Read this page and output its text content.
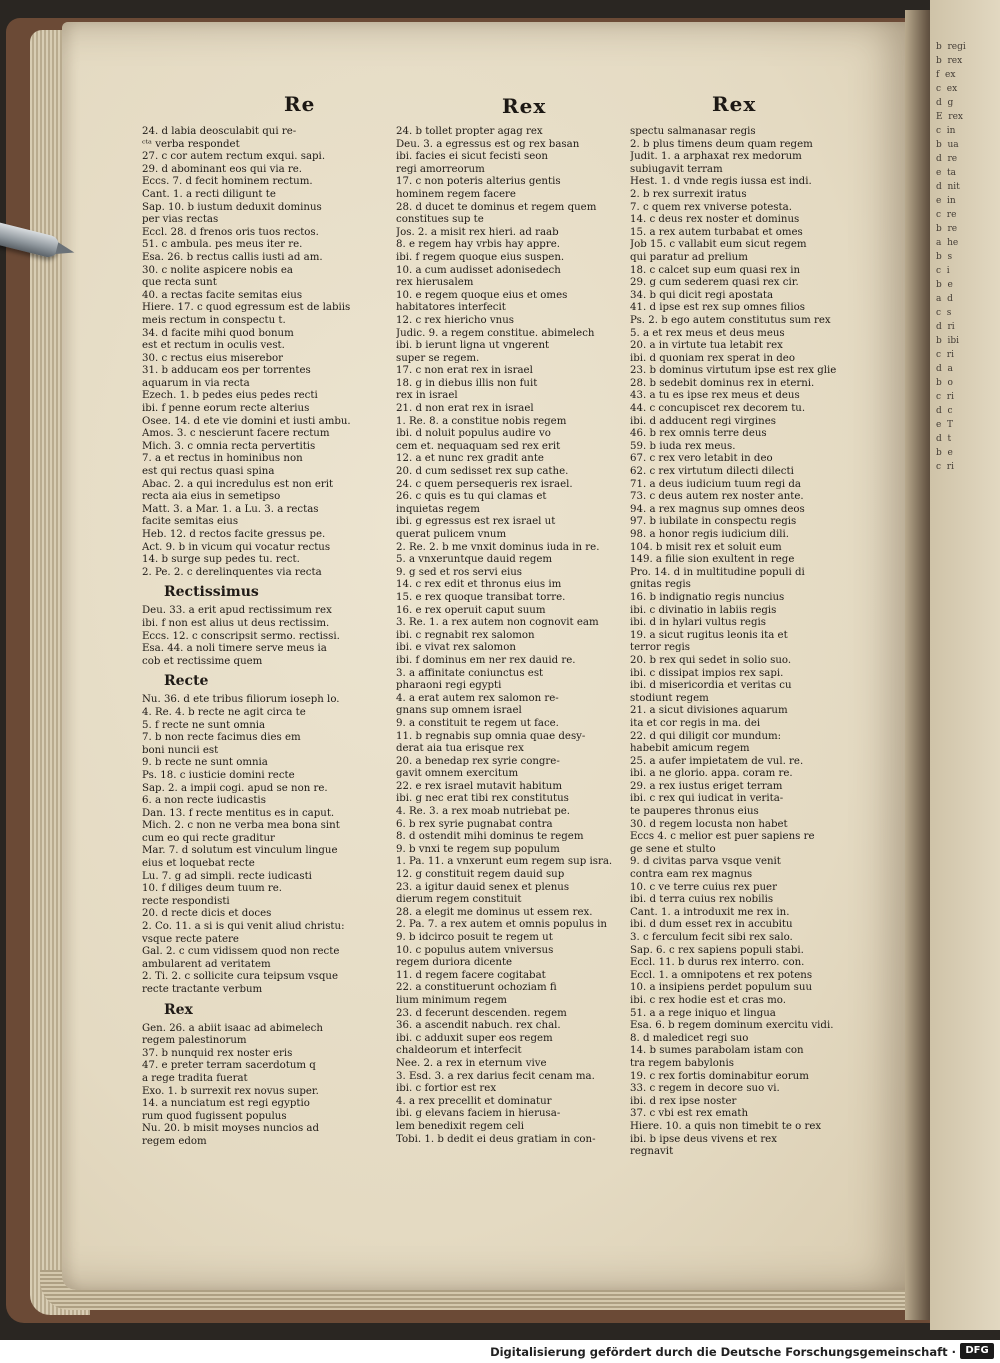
Re	Rex	Rex
24. d labia deosculabit qui re-
ᶜᵗᵃ verba respondet
27. c cor autem rectum exqui. sapi.
29. d abominant eos qui via re.
Eccs. 7. d fecit hominem rectum.
Cant. 1. a recti diligunt te
Sap. 10. b iustum deduxit dominus
per vias rectas
Eccl. 28. d frenos oris tuos rectos.
51. c ambula. pes meus iter re.
Esa. 26. b rectus callis iusti ad am.
30. c nolite aspicere nobis ea
que recta sunt
40. a rectas facite semitas eius
Hiere. 17. c quod egressum est de labiis
meis rectum in conspectu t.
34. d facite mihi quod bonum
est et rectum in oculis vest.
30. c rectus eius miserebor
31. b adducam eos per torrentes
aquarum in via recta
Ezech. 1. b pedes eius pedes recti
ibi. f penne eorum recte alterius
Osee. 14. d ete vie domini et iusti ambu.
Amos. 3. c nescierunt facere rectum
Mich. 3. c omnia recta pervertitis
7. a et rectus in hominibus non
est qui rectus quasi spina
Abac. 2. a qui incredulus est non erit
recta aia eius in semetipso
Matt. 3. a Mar. 1. a Lu. 3. a rectas
facite semitas eius
Heb. 12. d rectos facite gressus pe.
Act. 9. b in vicum qui vocatur rectus
14. b surge sup pedes tu. rect.
2. Pe. 2. c derelinquentes via recta
Rectissimus
Deu. 33. a erit apud rectissimum rex
ibi. f non est alius ut deus rectissim.
Eccs. 12. c conscripsit sermo. rectissi.
Esa. 44. a noli timere serve meus ia
cob et rectissime quem
Recte
Nu. 36. d ete tribus filiorum ioseph lo.
4. Re. 4. b recte ne agit circa te
5. f recte ne sunt omnia
7. b non recte facimus dies em
boni nuncii est
9. b recte ne sunt omnia
Ps. 18. c iusticie domini recte
Sap. 2. a impii cogi. apud se non re.
6. a non recte iudicastis
Dan. 13. f recte mentitus es in caput.
Mich. 2. c non ne verba mea bona sint
cum eo qui recte graditur
Mar. 7. d solutum est vinculum lingue
eius et loquebat recte
Lu. 7. g ad simpli. recte iudicasti
10. f diliges deum tuum re.
recte respondisti
20. d recte dicis et doces
2. Co. 11. a si is qui venit aliud christu:
vsque recte patere
Gal. 2. c cum vidissem quod non recte
ambularent ad veritatem
2. Ti. 2. c sollicite cura teipsum vsque
recte tractante verbum
Rex
Gen. 26. a abiit isaac ad abimelech
regem palestinorum
37. b nunquid rex noster eris
47. e preter terram sacerdotum q
a rege tradita fuerat
Exo. 1. b surrexit rex novus super.
14. a nunciatum est regi egyptio
rum quod fugissent populus
Nu. 20. b misit moyses nuncios ad
regem edom
24. b tollet propter agag rex
Deu. 3. a egressus est og rex basan
ibi. facies ei sicut fecisti seon
regi amorreorum
17. c non poteris alterius gentis
hominem regem facere
28. d ducet te dominus et regem quem
constitues sup te
Jos. 2. a misit rex hieri. ad raab
8. e regem hay vrbis hay appre.
ibi. f regem quoque eius suspen.
10. a cum audisset adonisedech
rex hierusalem
10. e regem quoque eius et omes
habitatores interfecit
12. c rex hiericho vnus
Judic. 9. a regem constitue. abimelech
ibi. b ierunt ligna ut vngerent
super se regem.
17. c non erat rex in israel
18. g in diebus illis non fuit
rex in israel
21. d non erat rex in israel
1. Re. 8. a constitue nobis regem
ibi. d noluit populus audire vo
cem et. nequaquam sed rex erit
12. a et nunc rex gradit ante
20. d cum sedisset rex sup cathe.
24. c quem persequeris rex israel.
26. c quis es tu qui clamas et
inquietas regem
ibi. g egressus est rex israel ut
querat pulicem vnum
2. Re. 2. b me vnxit dominus iuda in re.
5. a vnxeruntque dauid regem
9. g sed et ros servi eius
14. c rex edit et thronus eius im
15. e rex quoque transibat torre.
16. e rex operuit caput suum
3. Re. 1. a rex autem non cognovit eam
ibi. c regnabit rex salomon
ibi. e vivat rex salomon
ibi. f dominus em ner rex dauid re.
3. a affinitate coniunctus est
pharaoni regi egypti
4. a erat autem rex salomon re-
gnans sup omnem israel
9. a constituit te regem ut face.
11. b regnabis sup omnia quae desy-
derat aia tua erisque rex
20. a benedap rex syrie congre-
gavit omnem exercitum
22. e rex israel mutavit habitum
ibi. g nec erat tibi rex constitutus
4. Re. 3. a rex moab nutriebat pe.
6. b rex syrie pugnabat contra
8. d ostendit mihi dominus te regem
9. b vnxi te regem sup populum
1. Pa. 11. a vnxerunt eum regem sup isra.
12. g constituit regem dauid sup
23. a igitur dauid senex et plenus
dierum regem constituit
28. a elegit me dominus ut essem rex.
2. Pa. 7. a rex autem et omnis populus in
9. b idcirco posuit te regem ut
10. c populus autem vniversus
regem duriora dicente
11. d regem facere cogitabat
22. a constituerunt ochoziam fi
lium minimum regem
23. d fecerunt descenden. regem
36. a ascendit nabuch. rex chal.
ibi. c adduxit super eos regem
chaldeorum et interfecit
Nee. 2. a rex in eternum vive
3. Esd. 3. a rex darius fecit cenam ma.
ibi. c fortior est rex
4. a rex precellit et dominatur
ibi. g elevans faciem in hierusa-
lem benedixit regem celi
Tobi. 1. b dedit ei deus gratiam in con-
spectu salmanasar regis
2. b plus timens deum quam regem
Judit. 1. a arphaxat rex medorum
subiugavit terram
Hest. 1. d vnde regis iussa est indi.
2. b rex surrexit iratus
7. c quem rex vniverse potesta.
14. c deus rex noster et dominus
15. a rex autem turbabat et omes
Job 15. c vallabit eum sicut regem
qui paratur ad prelium
18. c calcet sup eum quasi rex in
29. g cum sederem quasi rex cir.
34. b qui dicit regi apostata
41. d ipse est rex sup omnes filios
Ps. 2. b ego autem constitutus sum rex
5. a et rex meus et deus meus
20. a in virtute tua letabit rex
ibi. d quoniam rex sperat in deo
23. b dominus virtutum ipse est rex glie
28. b sedebit dominus rex in eterni.
43. a tu es ipse rex meus et deus
44. c concupiscet rex decorem tu.
ibi. d adducent regi virgines
46. b rex omnis terre deus
59. b iuda rex meus.
67. c rex vero letabit in deo
62. c rex virtutum dilecti dilecti
71. a deus iudicium tuum regi da
73. c deus autem rex noster ante.
94. a rex magnus sup omnes deos
97. b iubilate in conspectu regis
98. a honor regis iudicium dili.
104. b misit rex et soluit eum
149. a filie sion exultent in rege
Pro. 14. d in multitudine populi di
gnitas regis
16. b indignatio regis nuncius
ibi. c divinatio in labiis regis
ibi. d in hylari vultus regis
19. a sicut rugitus leonis ita et
terror regis
20. b rex qui sedet in solio suo.
ibi. c dissipat impios rex sapi.
ibi. d misericordia et veritas cu
stodiunt regem
21. a sicut divisiones aquarum
ita et cor regis in ma. dei
22. d qui diligit cor mundum:
habebit amicum regem
25. a aufer impietatem de vul. re.
ibi. a ne glorio. appa. coram re.
29. a rex iustus eriget terram
ibi. c rex qui iudicat in verita-
te pauperes thronus eius
30. d regem locusta non habet
Eccs 4. c melior est puer sapiens re
ge sene et stulto
9. d civitas parva vsque venit
contra eam rex magnus
10. c ve terre cuius rex puer
ibi. d terra cuius rex nobilis
Cant. 1. a introduxit me rex in.
ibi. d dum esset rex in accubitu
3. c ferculum fecit sibi rex salo.
Sap. 6. c rex sapiens populi stabi.
Eccl. 11. b durus rex interro. con.
Eccl. 1. a omnipotens et rex potens
10. a insipiens perdet populum suu
ibi. c rex hodie est et cras mo.
51. a a rege iniquo et lingua
Esa. 6. b regem dominum exercitu vidi.
8. d maledicet regi suo
14. b sumes parabolam istam con
tra regem babylonis
19. c rex fortis dominabitur eorum
33. c regem in decore suo vi.
ibi. d rex ipse noster
37. c vbi est rex emath
Hiere. 10. a quis non timebit te o rex
ibi. b ipse deus vivens et rex
regnavit
b  regi
b  rex
f  ex
c  ex
d  g
E  rex
c  in
b  ua
d  re
e  ta
d  nit
e  in
c  re
b  re
a  he
b  s
c  i
b  e
a  d
c  s
d  ri
b  ibi
c  ri
d  a
b  o
c  ri
d  c
e  T
d  t
b  e
c  ri
Digitalisierung gefördert durch die Deutsche Forschungsgemeinschaft · DFG
